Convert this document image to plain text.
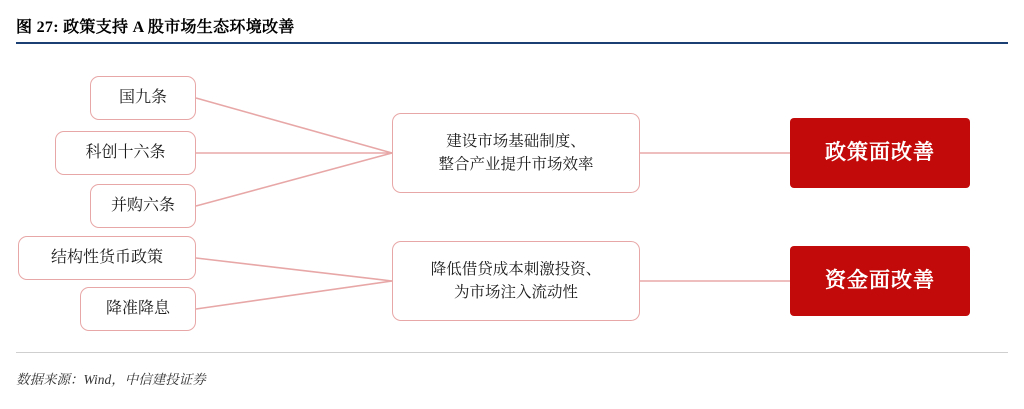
图 27: 政策支持 A 股市场生态环境改善
国九条
科创十六条
并购六条
结构性货币政策
降准降息
建设市场基础制度、
整合产业提升市场效率
降低借贷成本刺激投资、
为市场注入流动性
政策面改善
资金面改善
数据来源：Wind，中信建投证券
